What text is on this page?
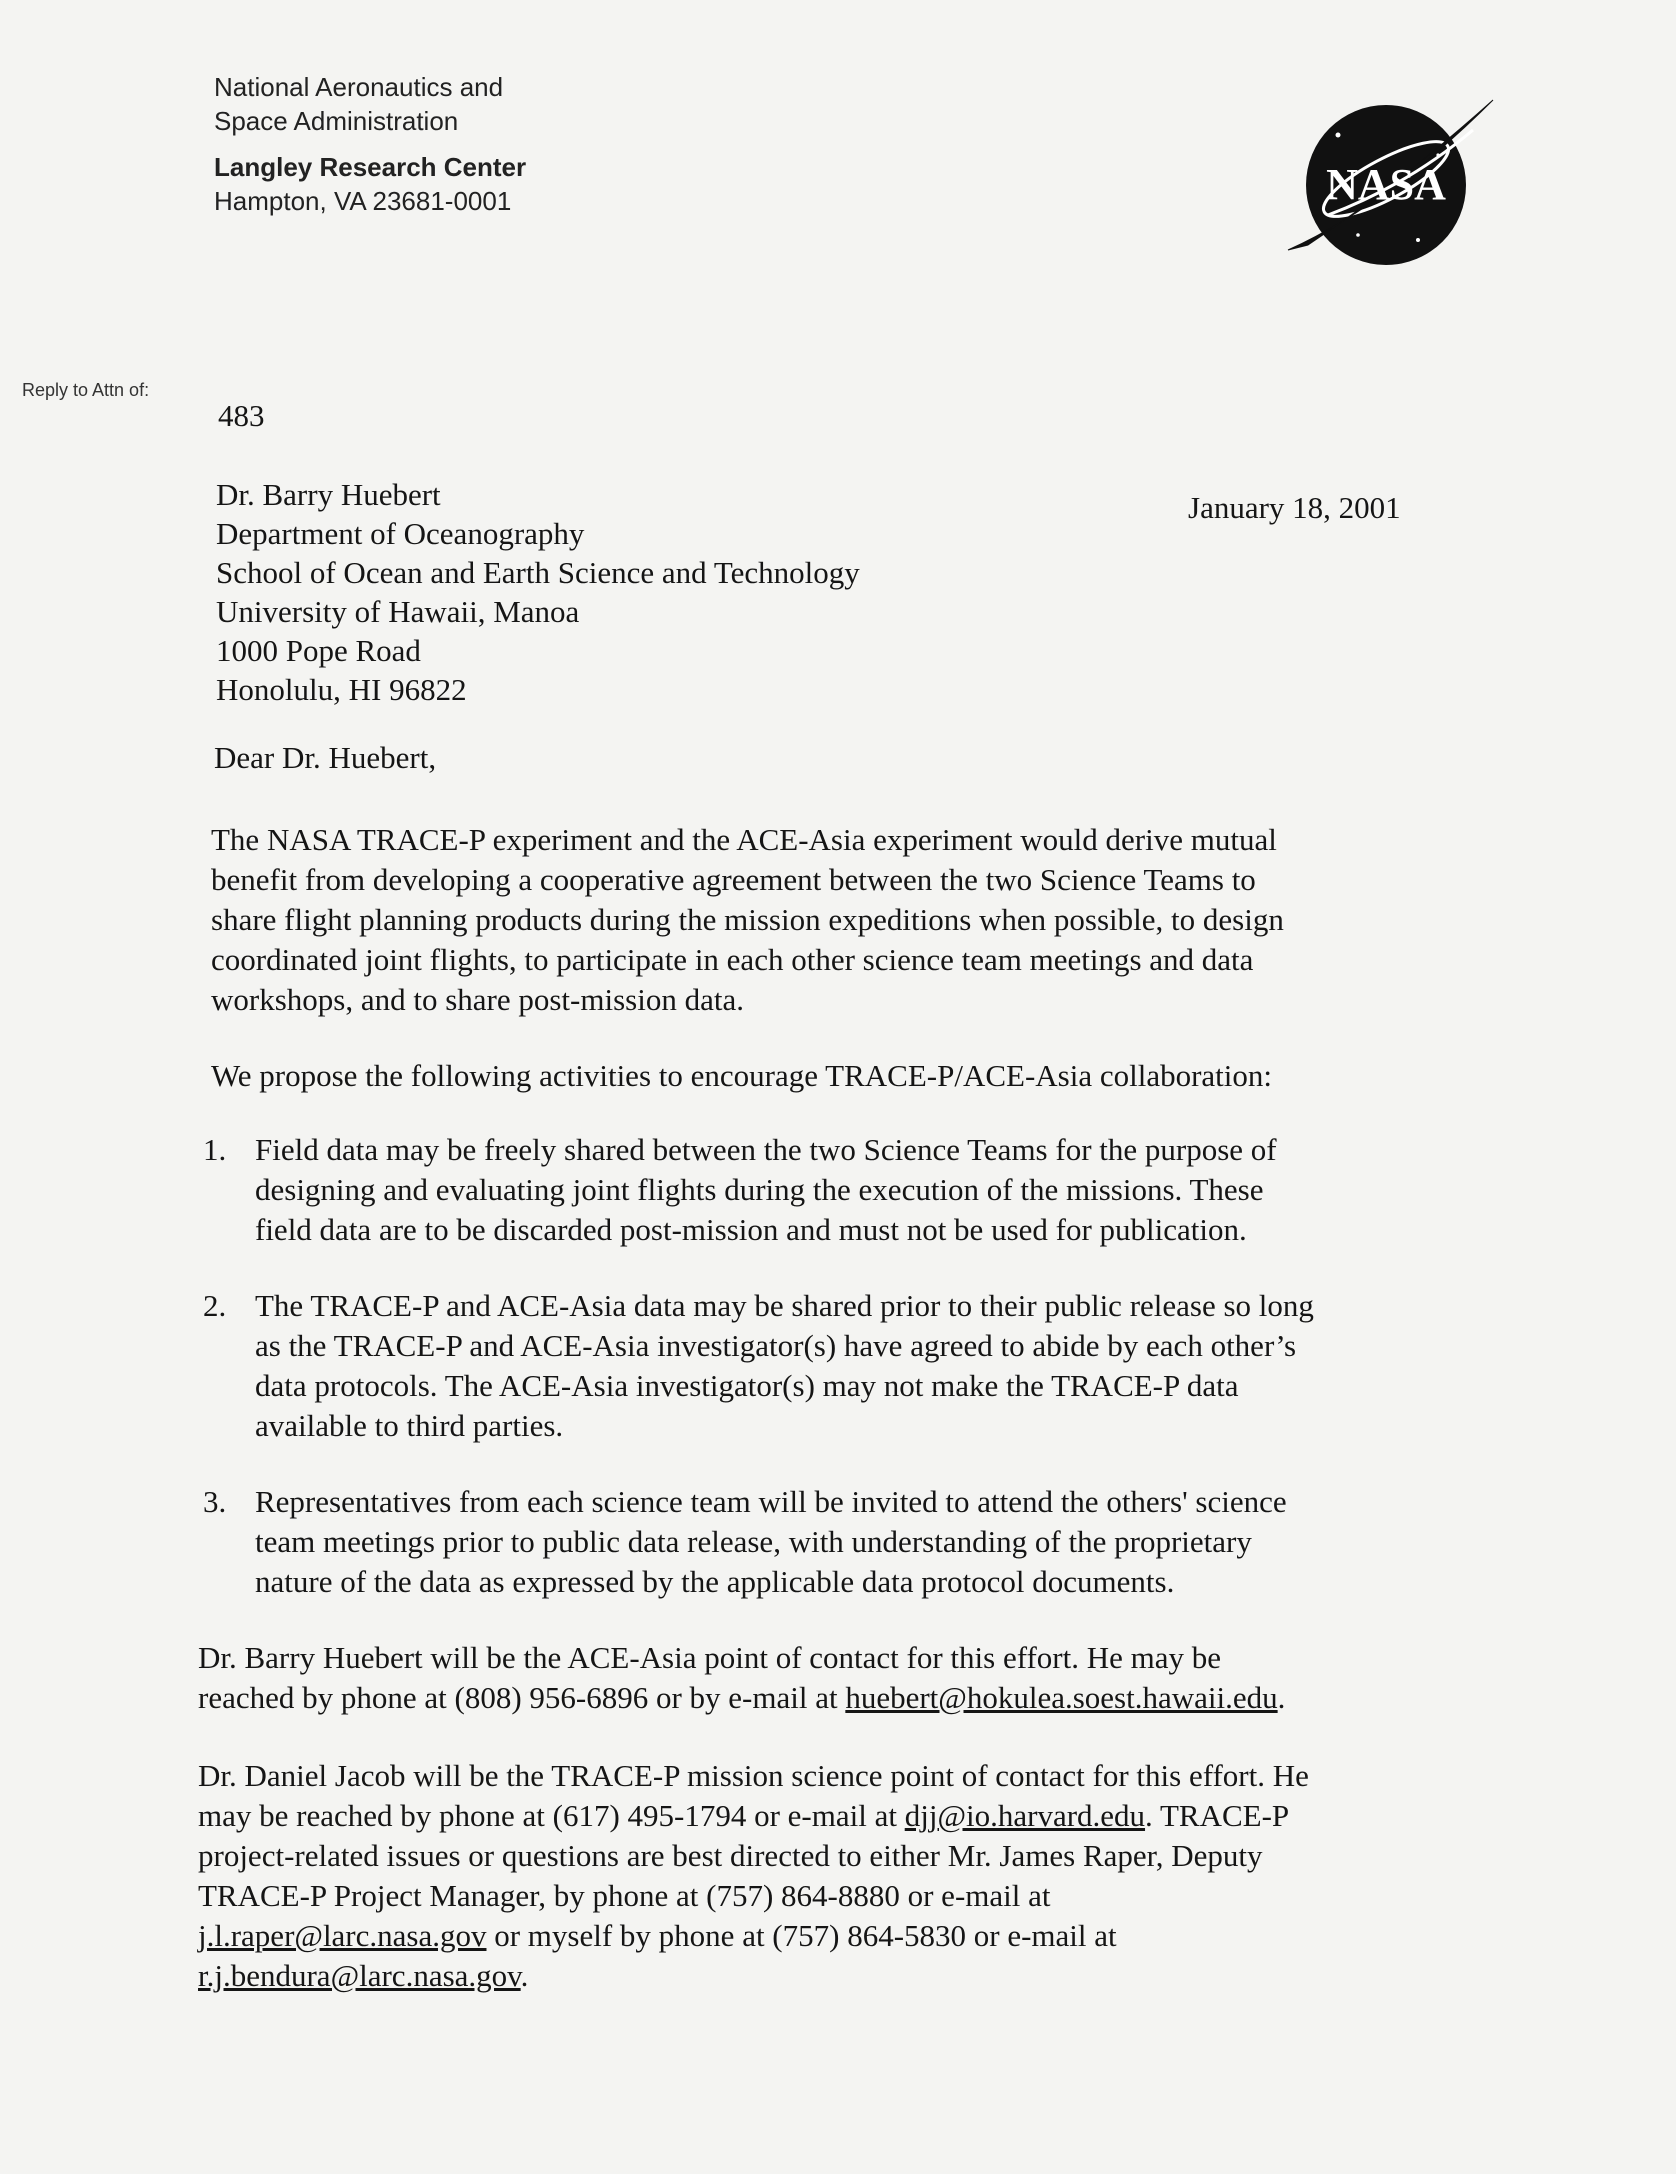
National Aeronautics and
Space Administration
Langley Research Center
Hampton, VA 23681-0001	NASA
Reply to Attn of:
483
Dr. Barry Huebert
Department of Oceanography
School of Ocean and Earth Science and Technology
University of Hawaii, Manoa
1000 Pope Road
Honolulu, HI 96822
January 18, 2001
Dear Dr. Huebert,
The NASA TRACE-P experiment and the ACE-Asia experiment would derive mutual
benefit from developing a cooperative agreement between the two Science Teams to
share flight planning products during the mission expeditions when possible, to design
coordinated joint flights, to participate in each other science team meetings and data
workshops, and to share post-mission data.
We propose the following activities to encourage TRACE-P/ACE-Asia collaboration:
1. Field data may be freely shared between the two Science Teams for the purpose of
designing and evaluating joint flights during the execution of the missions. These
field data are to be discarded post-mission and must not be used for publication.
2. The TRACE-P and ACE-Asia data may be shared prior to their public release so long
as the TRACE-P and ACE-Asia investigator(s) have agreed to abide by each other’s
data protocols. The ACE-Asia investigator(s) may not make the TRACE-P data
available to third parties.
3. Representatives from each science team will be invited to attend the others' science
team meetings prior to public data release, with understanding of the proprietary
nature of the data as expressed by the applicable data protocol documents.
Dr. Barry Huebert will be the ACE-Asia point of contact for this effort. He may be
reached by phone at (808) 956-6896 or by e-mail at huebert@hokulea.soest.hawaii.edu.
Dr. Daniel Jacob will be the TRACE-P mission science point of contact for this effort. He
may be reached by phone at (617) 495-1794 or e-mail at djj@io.harvard.edu. TRACE-P
project-related issues or questions are best directed to either Mr. James Raper, Deputy
TRACE-P Project Manager, by phone at (757) 864-8880 or e-mail at
j.l.raper@larc.nasa.gov or myself by phone at (757) 864-5830 or e-mail at
r.j.bendura@larc.nasa.gov.
